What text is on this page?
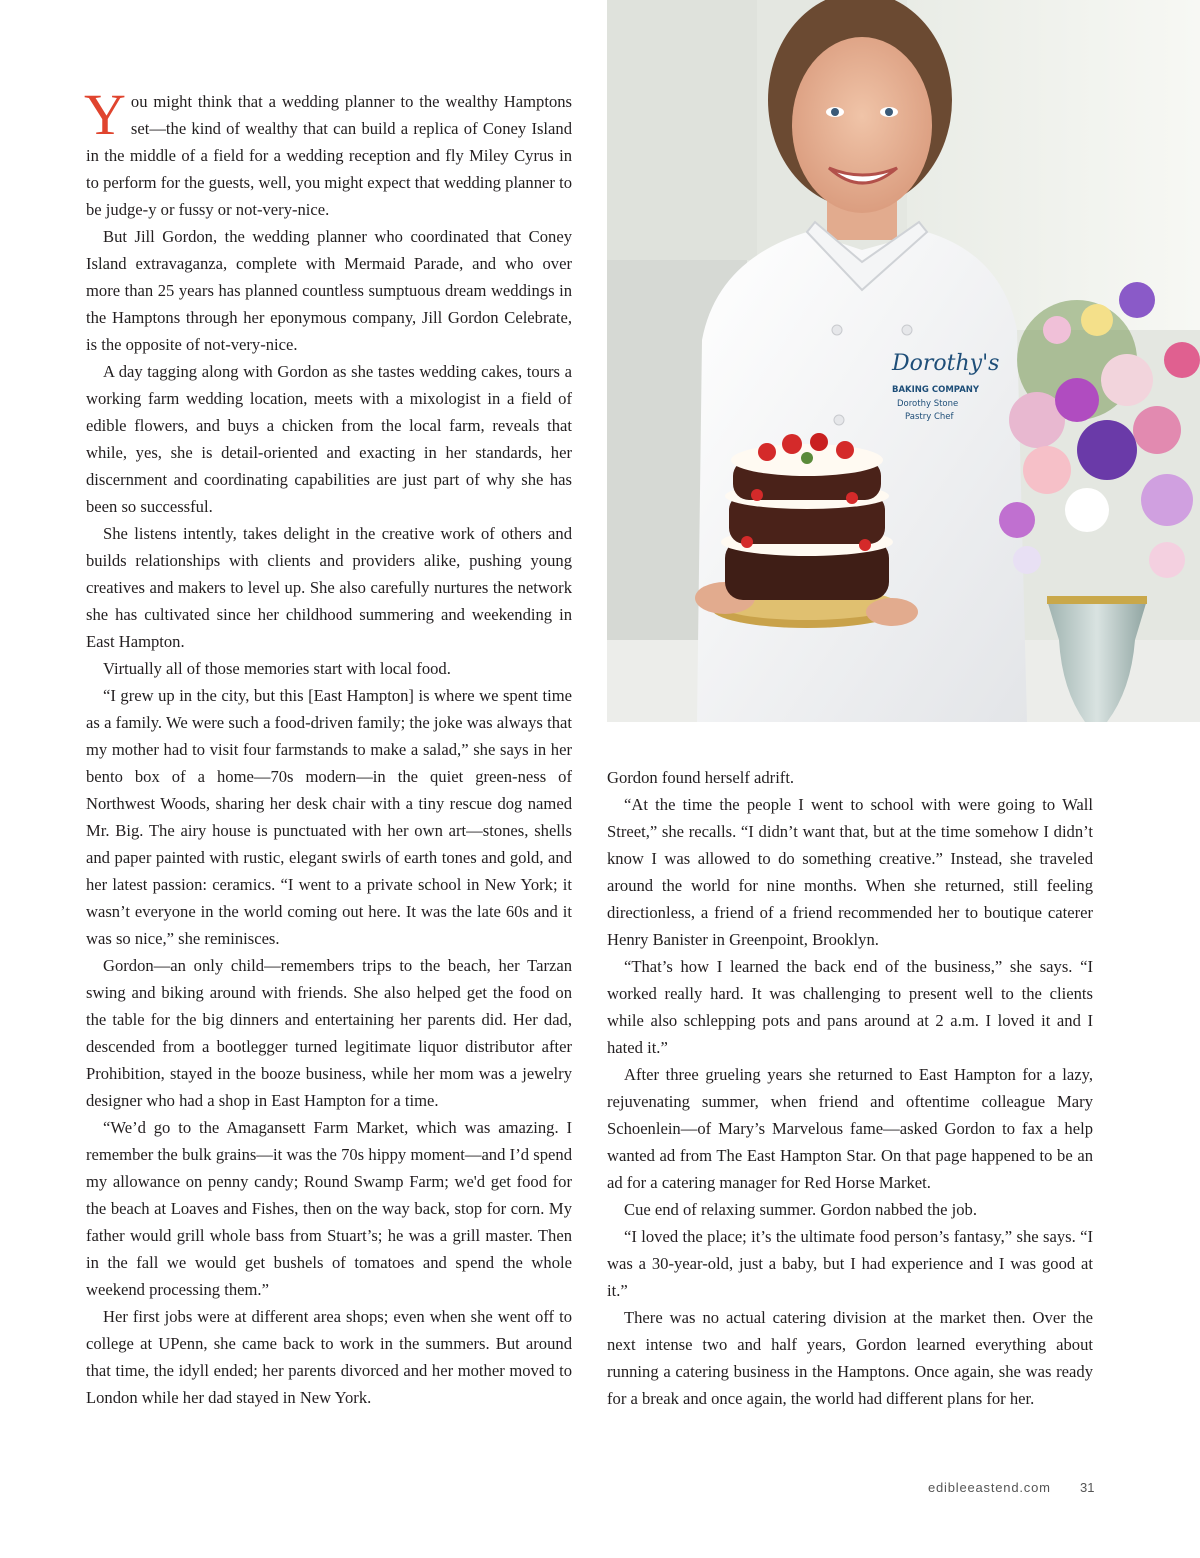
You might think that a wedding planner to the wealthy Hamptons set—the kind of wealthy that can build a replica of Coney Island in the middle of a field for a wedding reception and fly Miley Cyrus in to perform for the guests, well, you might expect that wedding planner to be judge-y or fussy or not-very-nice.

But Jill Gordon, the wedding planner who coordinated that Coney Island extravaganza, complete with Mermaid Parade, and who over more than 25 years has planned countless sumptuous dream weddings in the Hamptons through her eponymous company, Jill Gordon Celebrate, is the opposite of not-very-nice.

A day tagging along with Gordon as she tastes wedding cakes, tours a working farm wedding location, meets with a mixologist in a field of edible flowers, and buys a chicken from the local farm, reveals that while, yes, she is detail-oriented and exacting in her standards, her discernment and coordinating capabilities are just part of why she has been so successful.

She listens intently, takes delight in the creative work of others and builds relationships with clients and providers alike, pushing young creatives and makers to level up. She also carefully nurtures the network she has cultivated since her childhood summering and weekending in East Hampton.

Virtually all of those memories start with local food.

“I grew up in the city, but this [East Hampton] is where we spent time as a family. We were such a food-driven family; the joke was always that my mother had to visit four farmstands to make a salad,” she says in her bento box of a home—70s modern—in the quiet green-ness of Northwest Woods, sharing her desk chair with a tiny rescue dog named Mr. Big. The airy house is punctuated with her own art—stones, shells and paper painted with rustic, elegant swirls of earth tones and gold, and her latest passion: ceramics. “I went to a private school in New York; it wasn’t everyone in the world coming out here. It was the late 60s and it was so nice,” she reminisces.

Gordon—an only child—remembers trips to the beach, her Tarzan swing and biking around with friends. She also helped get the food on the table for the big dinners and entertaining her parents did. Her dad, descended from a bootlegger turned legitimate liquor distributor after Prohibition, stayed in the booze business, while her mom was a jewelry designer who had a shop in East Hampton for a time.

“We’d go to the Amagansett Farm Market, which was amazing. I remember the bulk grains—it was the 70s hippy moment—and I’d spend my allowance on penny candy; Round Swamp Farm; we'd get food for the beach at Loaves and Fishes, then on the way back, stop for corn. My father would grill whole bass from Stuart’s; he was a grill master. Then in the fall we would get bushels of tomatoes and spend the whole weekend processing them.”

Her first jobs were at different area shops; even when she went off to college at UPenn, she came back to work in the summers. But around that time, the idyll ended; her parents divorced and her mother moved to London while her dad stayed in New York.

Dorothy's
BAKING COMPANY
Dorothy Stone
Pastry Chef

Gordon found herself adrift.

“At the time the people I went to school with were going to Wall Street,” she recalls. “I didn’t want that, but at the time somehow I didn’t know I was allowed to do something creative.” Instead, she traveled around the world for nine months. When she returned, still feeling directionless, a friend of a friend recommended her to boutique caterer Henry Banister in Greenpoint, Brooklyn.

“That’s how I learned the back end of the business,” she says. “I worked really hard. It was challenging to present well to the clients while also schlepping pots and pans around at 2 a.m. I loved it and I hated it.”

After three grueling years she returned to East Hampton for a lazy, rejuvenating summer, when friend and oftentime colleague Mary Schoenlein—of Mary’s Marvelous fame—asked Gordon to fax a help wanted ad from The East Hampton Star. On that page happened to be an ad for a catering manager for Red Horse Market.

Cue end of relaxing summer. Gordon nabbed the job.

“I loved the place; it’s the ultimate food person’s fantasy,” she says. “I was a 30-year-old, just a baby, but I had experience and I was good at it.”

There was no actual catering division at the market then. Over the next intense two and half years, Gordon learned everything about running a catering business in the Hamptons. Once again, she was ready for a break and once again, the world had different plans for her.

edibleeastend.com 31
